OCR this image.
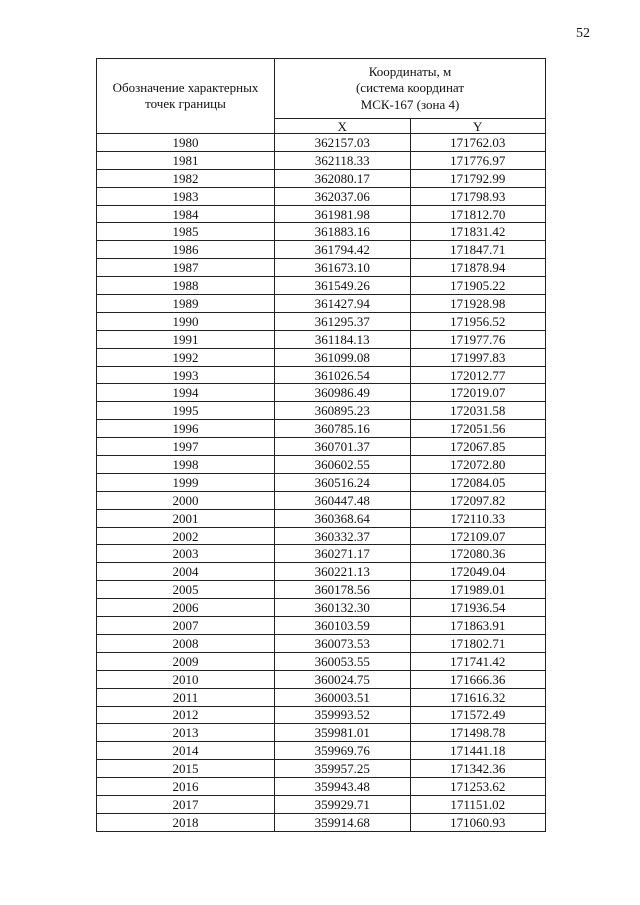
52
Обозначение характерных точек границы	Координаты, м
(система координат
МСК-167 (зона 4)	

	X	Y
1980	362157.03	171762.03
1981	362118.33	171776.97
1982	362080.17	171792.99
1983	362037.06	171798.93
1984	361981.98	171812.70
1985	361883.16	171831.42
1986	361794.42	171847.71
1987	361673.10	171878.94
1988	361549.26	171905.22
1989	361427.94	171928.98
1990	361295.37	171956.52
1991	361184.13	171977.76
1992	361099.08	171997.83
1993	361026.54	172012.77
1994	360986.49	172019.07
1995	360895.23	172031.58
1996	360785.16	172051.56
1997	360701.37	172067.85
1998	360602.55	172072.80
1999	360516.24	172084.05
2000	360447.48	172097.82
2001	360368.64	172110.33
2002	360332.37	172109.07
2003	360271.17	172080.36
2004	360221.13	172049.04
2005	360178.56	171989.01
2006	360132.30	171936.54
2007	360103.59	171863.91
2008	360073.53	171802.71
2009	360053.55	171741.42
2010	360024.75	171666.36
2011	360003.51	171616.32
2012	359993.52	171572.49
2013	359981.01	171498.78
2014	359969.76	171441.18
2015	359957.25	171342.36
2016	359943.48	171253.62
2017	359929.71	171151.02
2018	359914.68	171060.93
